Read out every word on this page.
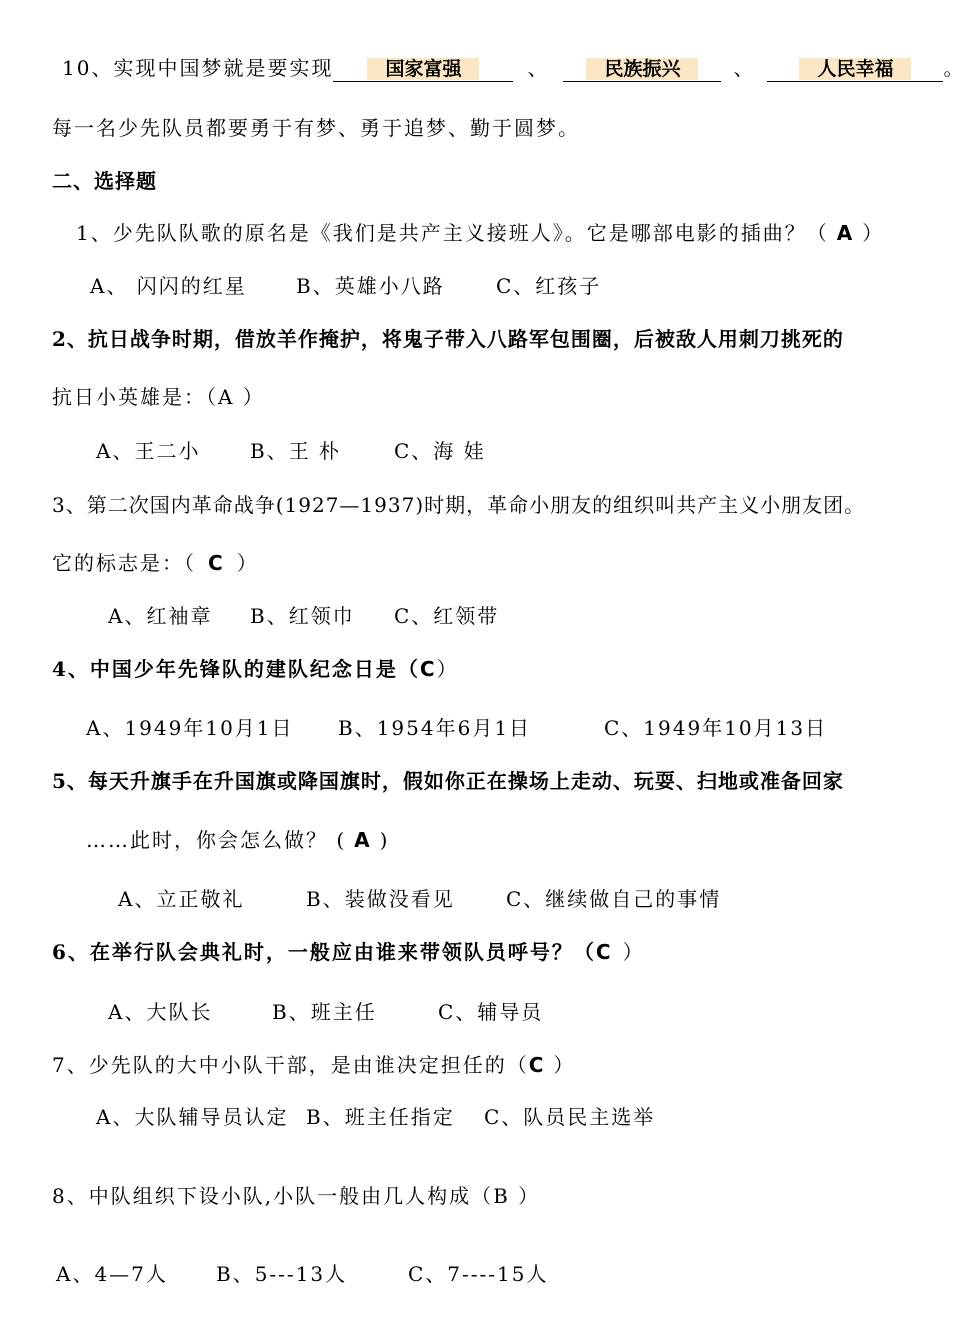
10、实现中国梦就是要实现	国家富强	、	民族振兴	、	人民幸福	。
每一名少先队员都要勇于有梦、勇于追梦、勤于圆梦。
二、选择题
1、少先队队歌的原名是《我们是共产主义接班人》。它是哪部电影的插曲？（ A ）
A、 闪闪的红星 B、英雄小八路	C、红孩子
2、抗日战争时期，借放羊作掩护，将鬼子带入八路军包围圈，后被敌人用刺刀挑死的
抗日小英雄是：（A ）
A、王二小 B、王 朴	C、海 娃
3、第二次国内革命战争(1927—1937)时期，革命小朋友的组织叫共产主义小朋友团。
它的标志是：（ C ）
A、红袖章 B、红领巾 C、红领带
4、中国少年先锋队的建队纪念日是（C）
A、1949年10月1日 B、1954年6月1日	C、1949年10月13日
5、每天升旗手在升国旗或降国旗时，假如你正在操场上走动、玩耍、扫地或准备回家
……此时，你会怎么做？ ( A )
A、立正敬礼	B、装做没看见	C、继续做自己的事情
6、在举行队会典礼时，一般应由谁来带领队员呼号？（C ）
A、大队长	B、班主任	C、辅导员
7、少先队的大中小队干部，是由谁决定担任的（C ）
A、大队辅导员认定 B、班主任指定 C、队员民主选举
8、中队组织下设小队,小队一般由几人构成（B ）
A、4—7人 B、5---13人	C、7----15人
